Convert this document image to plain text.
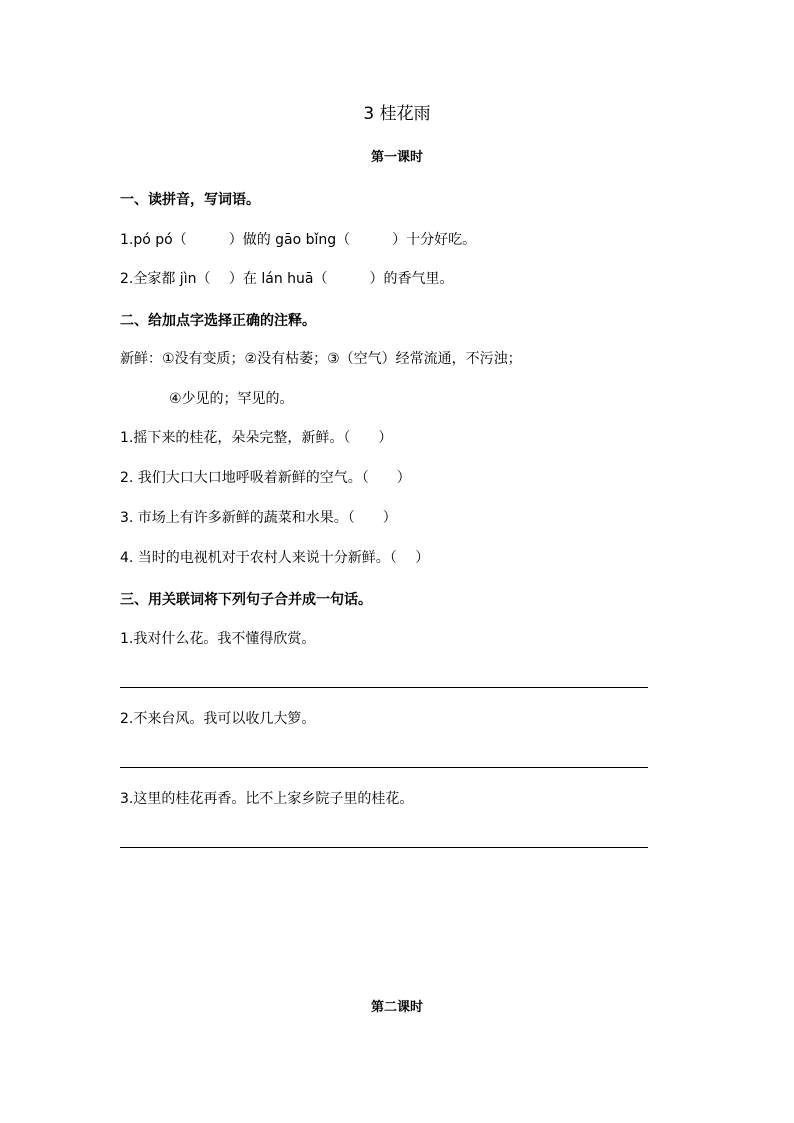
3 桂花雨
第一课时
一、读拼音，写词语。
1.pó pó（　　　）做的 gāo bǐng（　　　）十分好吃。
2.全家都 jìn（　 ）在 lán huā（　　　）的香气里。
二、给加点字选择正确的注释。
新鲜：①没有变质；②没有枯萎；③（空气）经常流通，不污浊；
④少见的；罕见的。
1.摇下来的桂花，朵朵完整，新鲜。（　　）
2. 我们大口大口地呼吸着新鲜的空气。（　　）
3. 市场上有许多新鲜的蔬菜和水果。（　　）
4. 当时的电视机对于农村人来说十分新鲜。（　 ）
三、用关联词将下列句子合并成一句话。
1.我对什么花。我不懂得欣赏。
2.不来台风。我可以收几大箩。
3.这里的桂花再香。比不上家乡院子里的桂花。
第二课时
